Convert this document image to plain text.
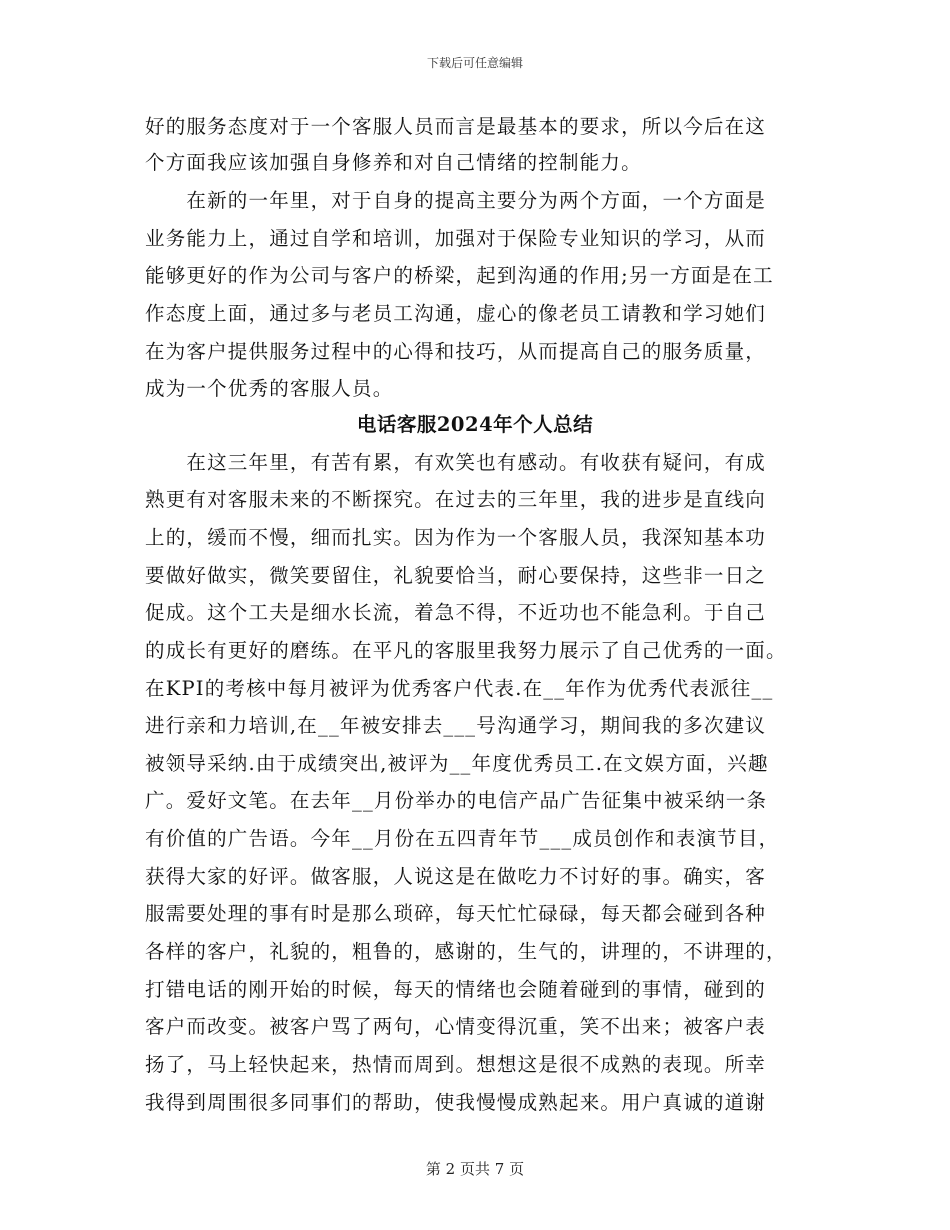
下载后可任意编辑
好的服务态度对于一个客服人员而言是最基本的要求，所以今后在这
个方面我应该加强自身修养和对自己情绪的控制能力。
　　在新的一年里，对于自身的提高主要分为两个方面，一个方面是
业务能力上，通过自学和培训，加强对于保险专业知识的学习，从而
能够更好的作为公司与客户的桥梁，起到沟通的作用;另一方面是在工
作态度上面，通过多与老员工沟通，虚心的像老员工请教和学习她们
在为客户提供服务过程中的心得和技巧，从而提高自己的服务质量，
成为一个优秀的客服人员。
电话客服2024年个人总结
　　在这三年里，有苦有累，有欢笑也有感动。有收获有疑问，有成
熟更有对客服未来的不断探究。在过去的三年里，我的进步是直线向
上的，缓而不慢，细而扎实。因为作为一个客服人员，我深知基本功
要做好做实，微笑要留住，礼貌要恰当，耐心要保持，这些非一日之
促成。这个工夫是细水长流，着急不得，不近功也不能急利。于自己
的成长有更好的磨练。在平凡的客服里我努力展示了自己优秀的一面。
在KPI的考核中每月被评为优秀客户代表.在__年作为优秀代表派往__
进行亲和力培训,在__年被安排去___号沟通学习，期间我的多次建议
被领导采纳.由于成绩突出,被评为__年度优秀员工.在文娱方面，兴趣
广。爱好文笔。在去年__月份举办的电信产品广告征集中被采纳一条
有价值的广告语。今年__月份在五四青年节___成员创作和表演节目，
获得大家的好评。做客服，人说这是在做吃力不讨好的事。确实，客
服需要处理的事有时是那么琐碎，每天忙忙碌碌，每天都会碰到各种
各样的客户，礼貌的，粗鲁的，感谢的，生气的，讲理的，不讲理的，
打错电话的刚开始的时候，每天的情绪也会随着碰到的事情，碰到的
客户而改变。被客户骂了两句，心情变得沉重，笑不出来；被客户表
扬了，马上轻快起来，热情而周到。想想这是很不成熟的表现。所幸
我得到周围很多同事们的帮助，使我慢慢成熟起来。用户真诚的道谢
第 2 页共 7 页
